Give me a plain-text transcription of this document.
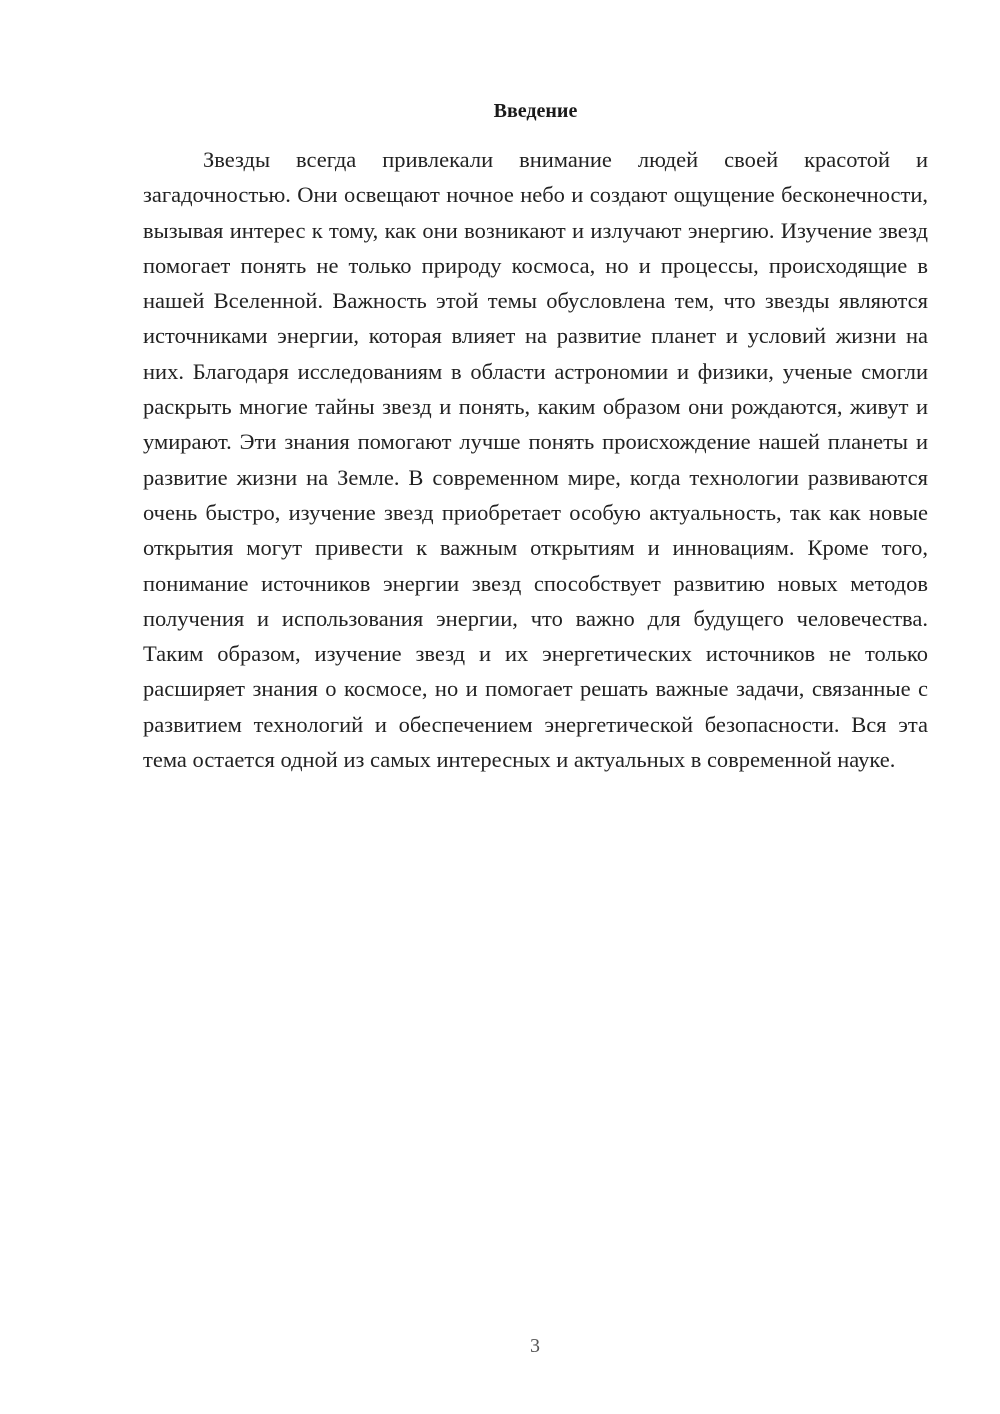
Введение

Звезды всегда привлекали внимание людей своей красотой и загадочностью. Они освещают ночное небо и создают ощущение бесконечности, вызывая интерес к тому, как они возникают и излучают энергию. Изучение звезд помогает понять не только природу космоса, но и процессы, происходящие в нашей Вселенной. Важность этой темы обусловлена тем, что звезды являются источниками энергии, которая влияет на развитие планет и условий жизни на них. Благодаря исследованиям в области астрономии и физики, ученые смогли раскрыть многие тайны звезд и понять, каким образом они рождаются, живут и умирают. Эти знания помогают лучше понять происхождение нашей планеты и развитие жизни на Земле. В современном мире, когда технологии развиваются очень быстро, изучение звезд приобретает особую актуальность, так как новые открытия могут привести к важным открытиям и инновациям. Кроме того, понимание источников энергии звезд способствует развитию новых методов получения и использования энергии, что важно для будущего человечества. Таким образом, изучение звезд и их энергетических источников не только расширяет знания о космосе, но и помогает решать важные задачи, связанные с развитием технологий и обеспечением энергетической безопасности. Вся эта тема остается одной из самых интересных и актуальных в современной науке.

3
